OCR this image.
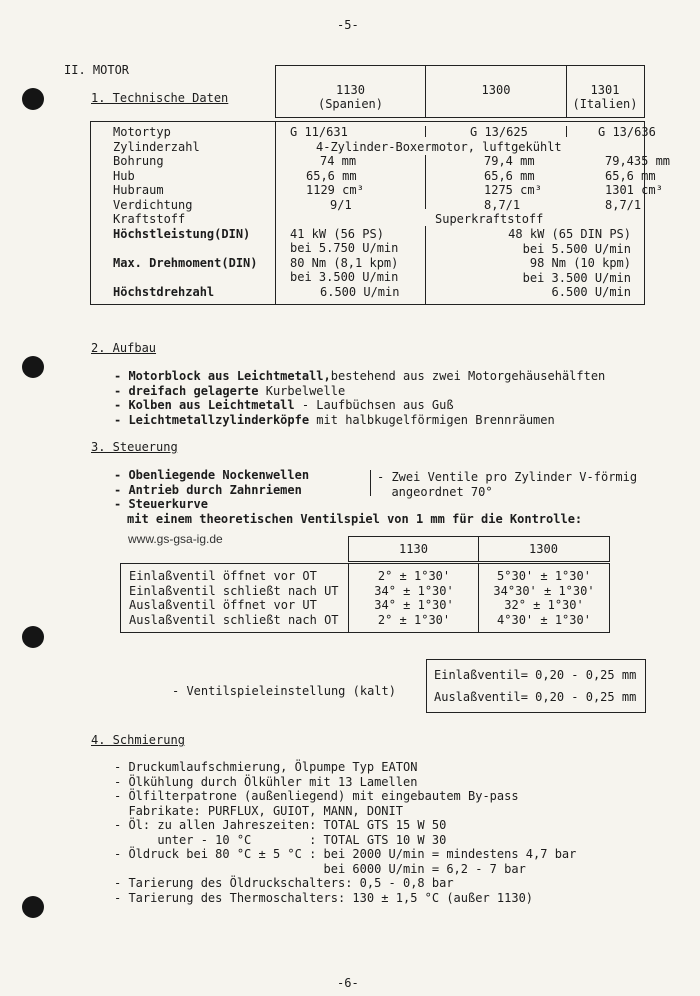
-5-
-6-
II. MOTOR
1. Technische Daten
1130
(Spanien)
1300	1301
(Italien)
Motortyp
Zylinderzahl
Bohrung
Hub
Hubraum
Verdichtung
Kraftstoff
Höchstleistung(DIN)
Max. Drehmoment(DIN)
Höchstdrehzahl
G 11/631
74 mm
65,6 mm
1129 cm³
9/1
41 kW (56 PS)
bei 5.750 U/min
80 Nm (8,1 kpm)
bei 3.500 U/min
6.500 U/min
G 13/625
79,4 mm
65,6 mm
1275 cm³
8,7/1
G 13/636
79,435 mm
65,6 mm
1301 cm³
8,7/1
4-Zylinder-Boxermotor, luftgekühlt
Superkraftstoff
48 kW (65 DIN PS)
bei 5.500 U/min
98 Nm (10 kpm)
bei 3.500 U/min
6.500 U/min
2. Aufbau
- Motorblock aus Leichtmetall,bestehend aus zwei Motorgehäusehälften
- dreifach gelagerte Kurbelwelle
- Kolben aus Leichtmetall - Laufbüchsen aus Guß
- Leichtmetallzylinderköpfe mit halbkugelförmigen Brennräumen
3. Steuerung
- Obenliegende Nockenwellen
- Antrieb durch Zahnriemen
- Steuerkurve
- Zwei Ventile pro Zylinder V-förmig
angeordnet 70°
mit einem theoretischen Ventilspiel von 1 mm für die Kontrolle:
www.gs-gsa-ig.de
1130	1300
Einlaßventil öffnet vor OT
Einlaßventil schließt nach UT
Auslaßventil öffnet vor UT
Auslaßventil schließt nach OT
2° ± 1°30'
34° ± 1°30'
34° ± 1°30'
2° ± 1°30'
5°30' ± 1°30'
34°30' ± 1°30'
32° ± 1°30'
4°30' ± 1°30'
- Ventilspieleinstellung (kalt)
Einlaßventil= 0,20 - 0,25 mm
Auslaßventil= 0,20 - 0,25 mm
4. Schmierung
- Druckumlaufschmierung, Ölpumpe Typ EATON
- Ölkühlung durch Ölkühler mit 13 Lamellen
- Ölfilterpatrone (außenliegend) mit eingebautem By-pass
Fabrikate: PURFLUX, GUIOT, MANN, DONIT
- Öl: zu allen Jahreszeiten: TOTAL GTS 15 W 50
unter - 10 °C        : TOTAL GTS 10 W 30
- Öldruck bei 80 °C ± 5 °C : bei 2000 U/min = mindestens 4,7 bar
bei 6000 U/min = 6,2 - 7 bar
- Tarierung des Öldruckschalters: 0,5 - 0,8 bar
- Tarierung des Thermoschalters: 130 ± 1,5 °C (außer 1130)
